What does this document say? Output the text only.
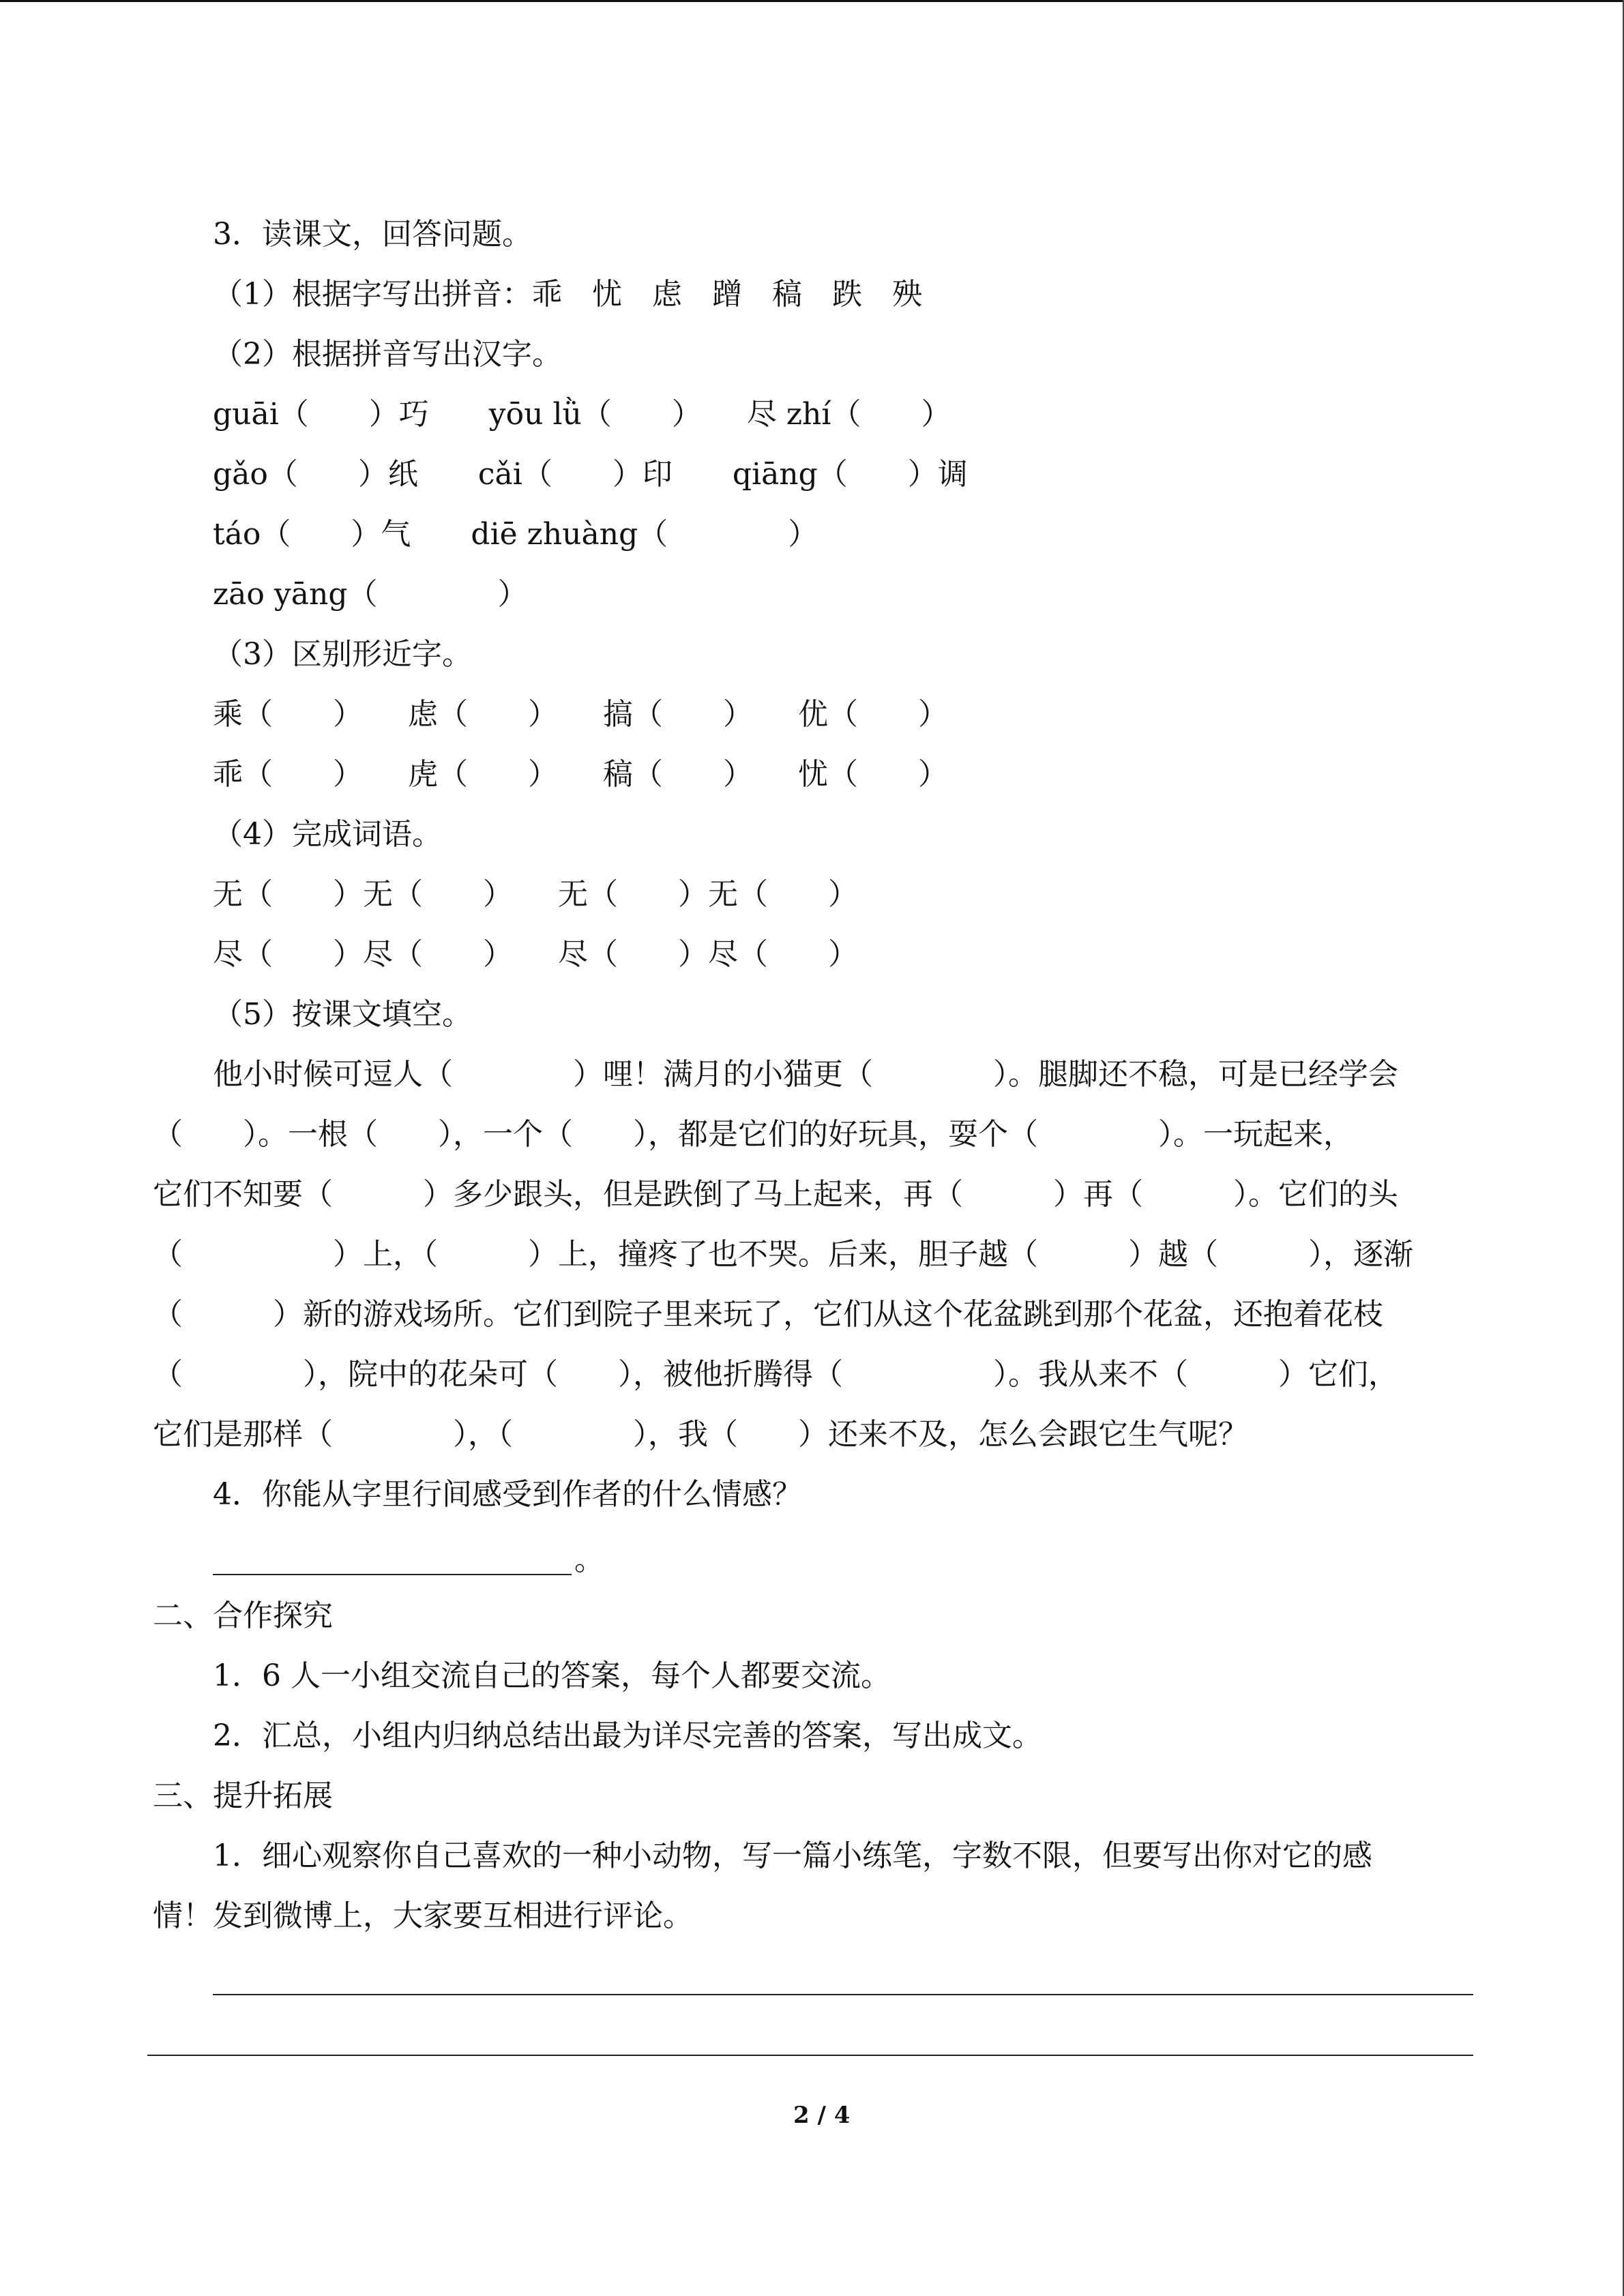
3．读课文，回答问题。
（1）根据字写出拼音：乖　忧　虑　蹭　稿　跌　殃
（2）根据拼音写出汉字。
guāi（　　）巧　　yōu lǜ（　　）　　尽 zhí（　　）
gǎo（　　）纸　　cǎi（　　）印　　qiāng（　　）调
táo（　　）气　　diē zhuàng（　　　　）
zāo yāng（　　　　）
（3）区别形近字。
乘（　　）　　虑（　　）　　搞（　　）　　优（　　）
乖（　　）　　虎（　　）　　稿（　　）　　忧（　　）
（4）完成词语。
无（　　）无（　　）　　无（　　）无（　　）
尽（　　）尽（　　）　　尽（　　）尽（　　）
（5）按课文填空。
他小时候可逗人（　　　　）哩！满月的小猫更（　　　　）。腿脚还不稳，可是已经学会
（　　）。一根（　　），一个（　　），都是它们的好玩具，耍个（　　　　）。一玩起来，
它们不知要（　　　）多少跟头，但是跌倒了马上起来，再（　　　）再（　　　）。它们的头
（　　　　　）上，（　　　）上，撞疼了也不哭。后来，胆子越（　　　）越（　　　），逐渐
（　　　）新的游戏场所。它们到院子里来玩了，它们从这个花盆跳到那个花盆，还抱着花枝
（　　　　），院中的花朵可（　　），被他折腾得（　　　　　）。我从来不（　　　）它们，
它们是那样（　　　　），（　　　　），我（　　）还来不及，怎么会跟它生气呢？
4．你能从字里行间感受到作者的什么情感？
。
二、合作探究
1．6 人一小组交流自己的答案，每个人都要交流。
2．汇总，小组内归纳总结出最为详尽完善的答案，写出成文。
三、提升拓展
1．细心观察你自己喜欢的一种小动物，写一篇小练笔，字数不限，但要写出你对它的感
情！发到微博上，大家要互相进行评论。
2 / 4
